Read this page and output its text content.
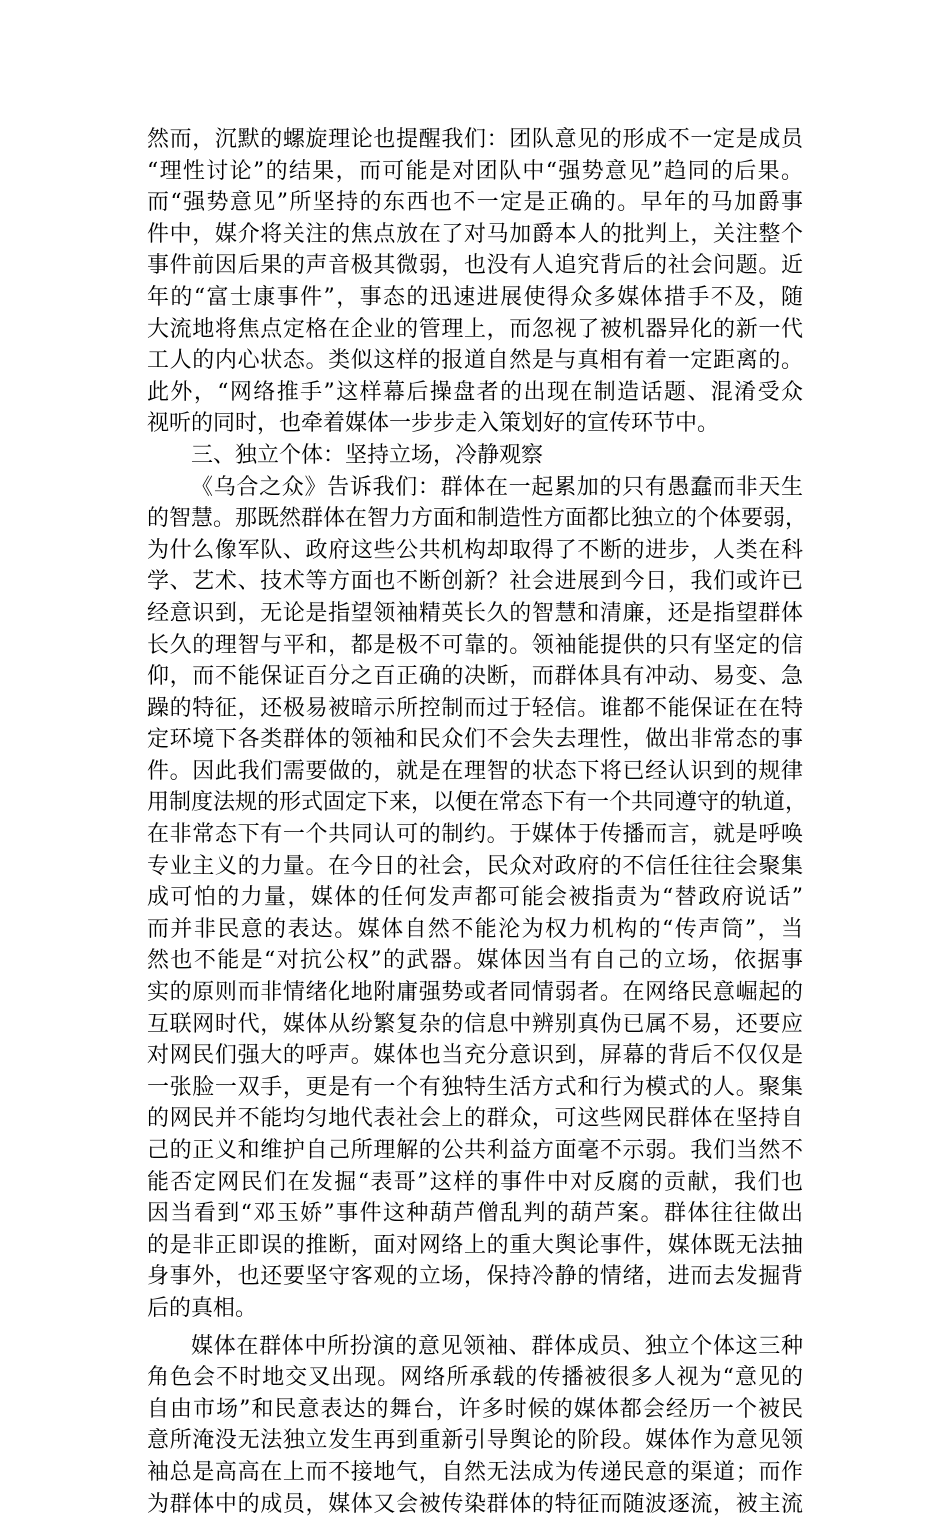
然而，沉默的螺旋理论也提醒我们：团队意见的形成不一定是成员
“理性讨论”的结果，而可能是对团队中“强势意见”趋同的后果。
而“强势意见”所坚持的东西也不一定是正确的。早年的马加爵事
件中，媒介将关注的焦点放在了对马加爵本人的批判上，关注整个
事件前因后果的声音极其微弱，也没有人追究背后的社会问题。近
年的“富士康事件”，事态的迅速进展使得众多媒体措手不及，随
大流地将焦点定格在企业的管理上，而忽视了被机器异化的新一代
工人的内心状态。类似这样的报道自然是与真相有着一定距离的。
此外，“网络推手”这样幕后操盘者的出现在制造话题、混淆受众
视听的同时，也牵着媒体一步步走入策划好的宣传环节中。
三、独立个体：坚持立场，冷静观察
《乌合之众》告诉我们：群体在一起累加的只有愚蠢而非天生
的智慧。那既然群体在智力方面和制造性方面都比独立的个体要弱，
为什么像军队、政府这些公共机构却取得了不断的进步，人类在科
学、艺术、技术等方面也不断创新？社会进展到今日，我们或许已
经意识到，无论是指望领袖精英长久的智慧和清廉，还是指望群体
长久的理智与平和，都是极不可靠的。领袖能提供的只有坚定的信
仰，而不能保证百分之百正确的决断，而群体具有冲动、易变、急
躁的特征，还极易被暗示所控制而过于轻信。谁都不能保证在在特
定环境下各类群体的领袖和民众们不会失去理性，做出非常态的事
件。因此我们需要做的，就是在理智的状态下将已经认识到的规律
用制度法规的形式固定下来，以便在常态下有一个共同遵守的轨道，
在非常态下有一个共同认可的制约。于媒体于传播而言，就是呼唤
专业主义的力量。在今日的社会，民众对政府的不信任往往会聚集
成可怕的力量，媒体的任何发声都可能会被指责为“替政府说话”
而并非民意的表达。媒体自然不能沦为权力机构的“传声筒”，当
然也不能是“对抗公权”的武器。媒体因当有自己的立场，依据事
实的原则而非情绪化地附庸强势或者同情弱者。在网络民意崛起的
互联网时代，媒体从纷繁复杂的信息中辨别真伪已属不易，还要应
对网民们强大的呼声。媒体也当充分意识到，屏幕的背后不仅仅是
一张脸一双手，更是有一个有独特生活方式和行为模式的人。聚集
的网民并不能均匀地代表社会上的群众，可这些网民群体在坚持自
己的正义和维护自己所理解的公共利益方面毫不示弱。我们当然不
能否定网民们在发掘“表哥”这样的事件中对反腐的贡献，我们也
因当看到“邓玉娇”事件这种葫芦僧乱判的葫芦案。群体往往做出
的是非正即误的推断，面对网络上的重大舆论事件，媒体既无法抽
身事外，也还要坚守客观的立场，保持冷静的情绪，进而去发掘背
后的真相。
媒体在群体中所扮演的意见领袖、群体成员、独立个体这三种
角色会不时地交叉出现。网络所承载的传播被很多人视为“意见的
自由市场”和民意表达的舞台，许多时候的媒体都会经历一个被民
意所淹没无法独立发生再到重新引导舆论的阶段。媒体作为意见领
袖总是高高在上而不接地气，自然无法成为传递民意的渠道；而作
为群体中的成员，媒体又会被传染群体的特征而随波逐流，被主流
